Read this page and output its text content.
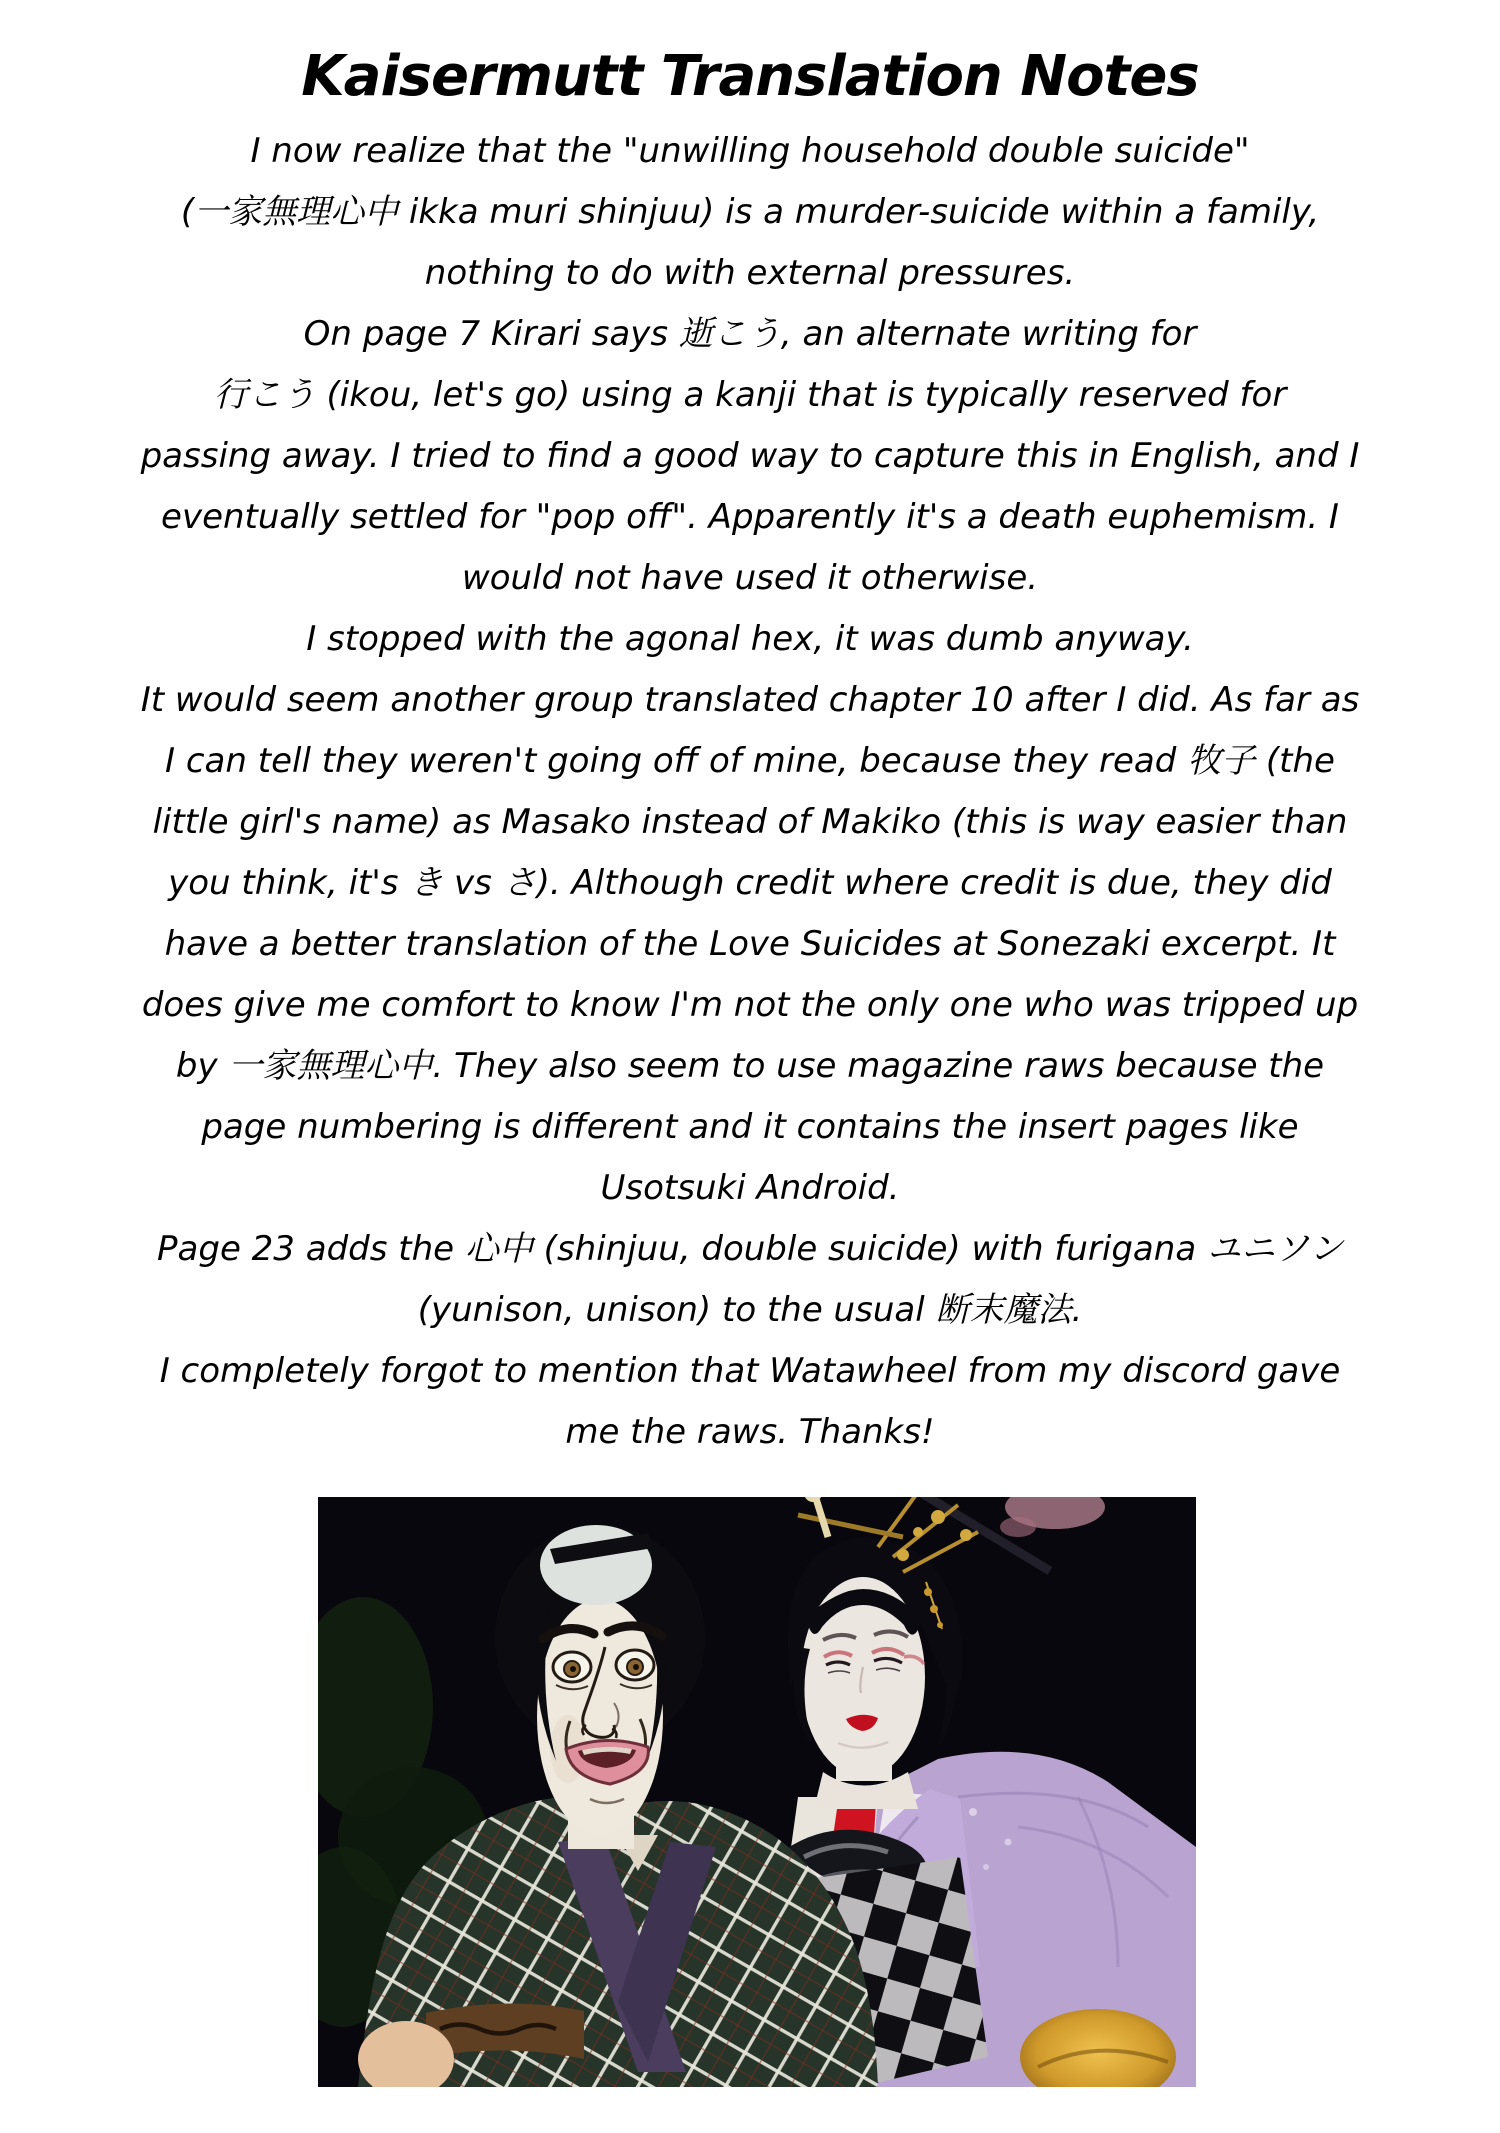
Kaisermutt Translation Notes
I now realize that the "unwilling household double suicide"
(一家無理心中 ikka muri shinjuu) is a murder-suicide within a family,
nothing to do with external pressures.
On page 7 Kirari says 逝こう, an alternate writing for
行こう (ikou, let's go) using a kanji that is typically reserved for
passing away. I tried to find a good way to capture this in English, and I
eventually settled for "pop off". Apparently it's a death euphemism. I
would not have used it otherwise.
I stopped with the agonal hex, it was dumb anyway.
It would seem another group translated chapter 10 after I did. As far as
I can tell they weren't going off of mine, because they read 牧子 (the
little girl's name) as Masako instead of Makiko (this is way easier than
you think, it's き vs さ). Although credit where credit is due, they did
have a better translation of the Love Suicides at Sonezaki excerpt. It
does give me comfort to know I'm not the only one who was tripped up
by 一家無理心中. They also seem to use magazine raws because the
page numbering is different and it contains the insert pages like
Usotsuki Android.
Page 23 adds the 心中 (shinjuu, double suicide) with furigana ユニソン
(yunison, unison) to the usual 断末魔法.
I completely forgot to mention that Watawheel from my discord gave
me the raws. Thanks!
